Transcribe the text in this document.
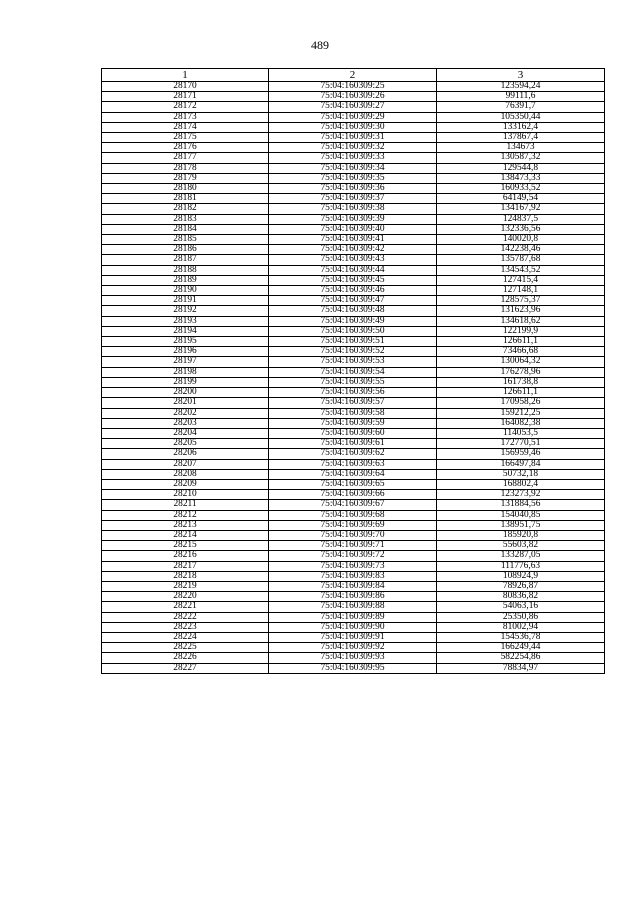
489
1	2	3
28170	75:04:160309:25	123594,24
28171	75:04:160309:26	99111,6
28172	75:04:160309:27	76391,7
28173	75:04:160309:29	105350,44
28174	75:04:160309:30	133162,4
28175	75:04:160309:31	137867,4
28176	75:04:160309:32	134673
28177	75:04:160309:33	130587,32
28178	75:04:160309:34	129544,8
28179	75:04:160309:35	138473,33
28180	75:04:160309:36	160933,52
28181	75:04:160309:37	64149,54
28182	75:04:160309:38	134167,92
28183	75:04:160309:39	124837,5
28184	75:04:160309:40	132336,56
28185	75:04:160309:41	140020,8
28186	75:04:160309:42	142238,46
28187	75:04:160309:43	135787,68
28188	75:04:160309:44	134543,52
28189	75:04:160309:45	127415,4
28190	75:04:160309:46	127148,1
28191	75:04:160309:47	128575,37
28192	75:04:160309:48	131623,96
28193	75:04:160309:49	134618,62
28194	75:04:160309:50	122199,9
28195	75:04:160309:51	126611,1
28196	75:04:160309:52	73466,68
28197	75:04:160309:53	130064,32
28198	75:04:160309:54	176278,96
28199	75:04:160309:55	161738,8
28200	75:04:160309:56	126611,1
28201	75:04:160309:57	170958,26
28202	75:04:160309:58	159212,25
28203	75:04:160309:59	164082,38
28204	75:04:160309:60	114053,5
28205	75:04:160309:61	172770,51
28206	75:04:160309:62	156959,46
28207	75:04:160309:63	166497,84
28208	75:04:160309:64	50732,18
28209	75:04:160309:65	168802,4
28210	75:04:160309:66	123273,92
28211	75:04:160309:67	131884,56
28212	75:04:160309:68	154040,85
28213	75:04:160309:69	138951,75
28214	75:04:160309:70	185920,8
28215	75:04:160309:71	55603,82
28216	75:04:160309:72	133287,05
28217	75:04:160309:73	111776,63
28218	75:04:160309:83	108924,9
28219	75:04:160309:84	78926,87
28220	75:04:160309:86	80836,82
28221	75:04:160309:88	54063,16
28222	75:04:160309:89	25350,86
28223	75:04:160309:90	81002,94
28224	75:04:160309:91	154536,78
28225	75:04:160309:92	166249,44
28226	75:04:160309:93	582254,86
28227	75:04:160309:95	78834,97
